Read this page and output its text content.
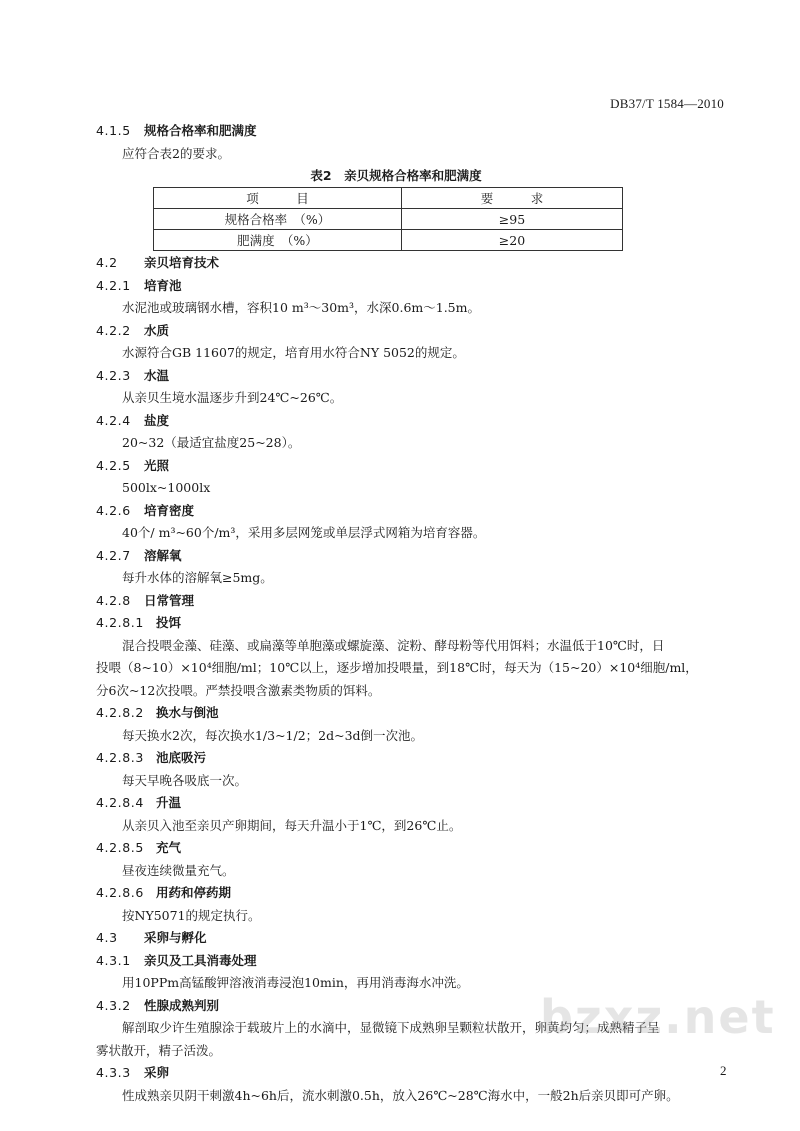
DB37/T 1584—2010
4.1.5 规格合格率和肥满度
应符合表2的要求。
表2　亲贝规格合格率和肥满度
项　　　目	要　　　求
规格合格率　（%）	≥95
肥满度　（%）	≥20
4.2 亲贝培育技术
4.2.1 培育池
水泥池或玻璃钢水槽，容积10 m³～30m³，水深0.6m～1.5m。
4.2.2 水质
水源符合GB 11607的规定，培育用水符合NY 5052的规定。
4.2.3 水温
从亲贝生境水温逐步升到24℃~26℃。
4.2.4 盐度
20~32（最适宜盐度25~28）。
4.2.5 光照
500lx~1000lx
4.2.6 培育密度
40个/ m³~60个/m³，采用多层网笼或单层浮式网箱为培育容器。
4.2.7 溶解氧
每升水体的溶解氧≥5mg。
4.2.8 日常管理
4.2.8.1 投饵
混合投喂金藻、硅藻、或扁藻等单胞藻或螺旋藻、淀粉、酵母粉等代用饵料；水温低于10℃时，日
投喂（8~10）×10⁴细胞/ml；10℃以上，逐步增加投喂量，到18℃时，每天为（15~20）×10⁴细胞/ml，
分6次~12次投喂。严禁投喂含激素类物质的饵料。
4.2.8.2 换水与倒池
每天换水2次，每次换水1/3~1/2；2d~3d倒一次池。
4.2.8.3 池底吸污
每天早晚各吸底一次。
4.2.8.4 升温
从亲贝入池至亲贝产卵期间，每天升温小于1℃，到26℃止。
4.2.8.5 充气
昼夜连续微量充气。
4.2.8.6 用药和停药期
按NY5071的规定执行。
4.3 采卵与孵化
4.3.1 亲贝及工具消毒处理
用10PPm高锰酸钾溶液消毒浸泡10min，再用消毒海水冲洗。
4.3.2 性腺成熟判别
解剖取少许生殖腺涂于载玻片上的水滴中，显微镜下成熟卵呈颗粒状散开，卵黄均匀；成熟精子呈
雾状散开，精子活泼。
4.3.3 采卵
性成熟亲贝阴干刺激4h~6h后，流水刺激0.5h，放入26℃~28℃海水中，一般2h后亲贝即可产卵。
bzxz.net
2
